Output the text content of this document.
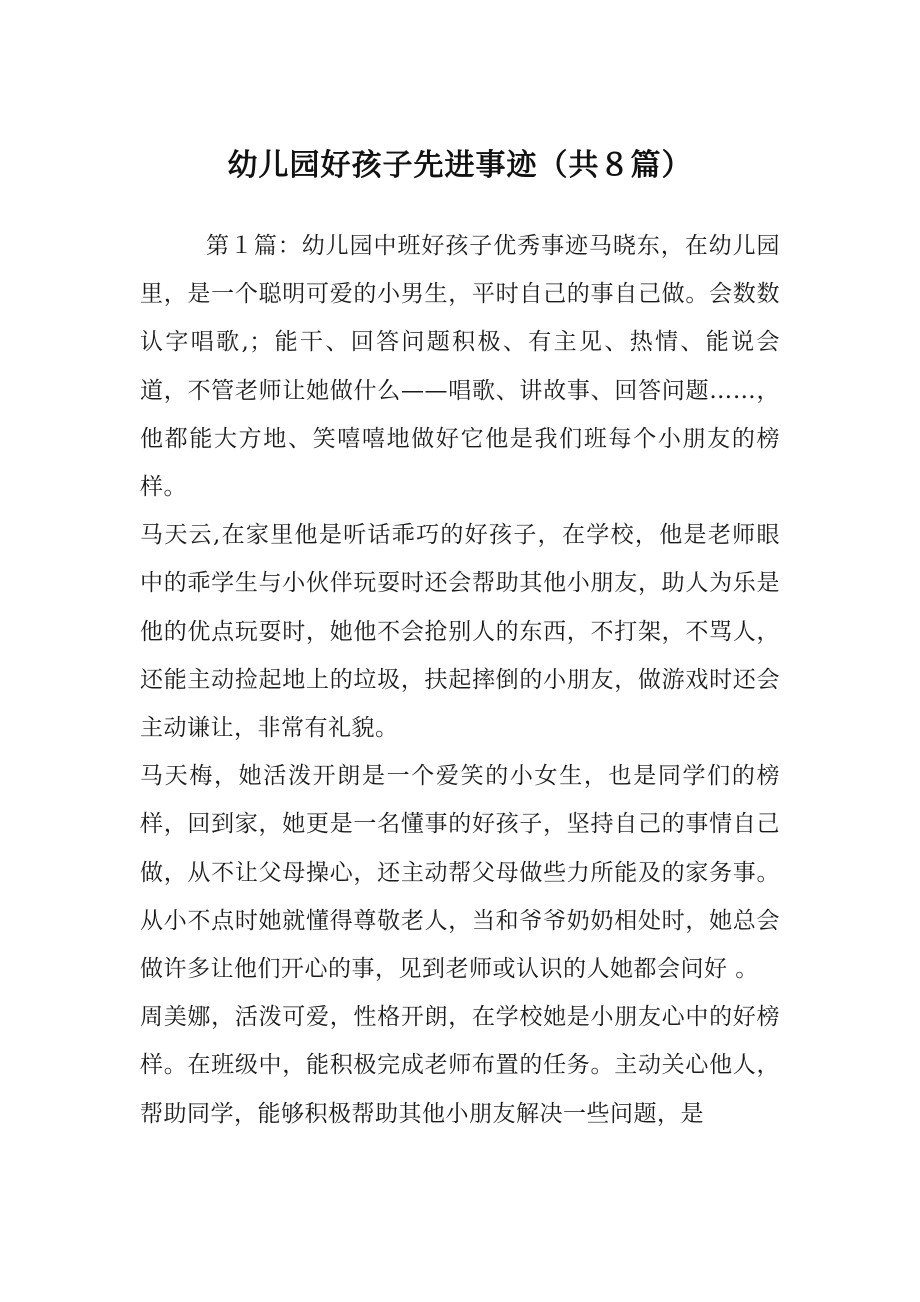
幼儿园好孩子先进事迹（共８篇）

第１篇：幼儿园中班好孩子优秀事迹马晓东，在幼儿园里，是一个聪明可爱的小男生，平时自己的事自己做。会数数认字唱歌,；能干、回答问题积极、有主见、热情、能说会道，不管老师让她做什么——唱歌、讲故事、回答问题……，他都能大方地、笑嘻嘻地做好它他是我们班每个小朋友的榜样。

马天云,在家里他是听话乖巧的好孩子，在学校，他是老师眼中的乖学生与小伙伴玩耍时还会帮助其他小朋友，助人为乐是他的优点玩耍时，她他不会抢别人的东西，不打架，不骂人，还能主动捡起地上的垃圾，扶起摔倒的小朋友，做游戏时还会主动谦让，非常有礼貌。

马天梅，她活泼开朗是一个爱笑的小女生，也是同学们的榜样，回到家，她更是一名懂事的好孩子，坚持自己的事情自己做，从不让父母操心，还主动帮父母做些力所能及的家务事。从小不点时她就懂得尊敬老人，当和爷爷奶奶相处时，她总会做许多让他们开心的事，见到老师或认识的人她都会问好 。

周美娜，活泼可爱，性格开朗，在学校她是小朋友心中的好榜样。在班级中，能积极完成老师布置的任务。主动关心他人，帮助同学，能够积极帮助其他小朋友解决一些问题，是
